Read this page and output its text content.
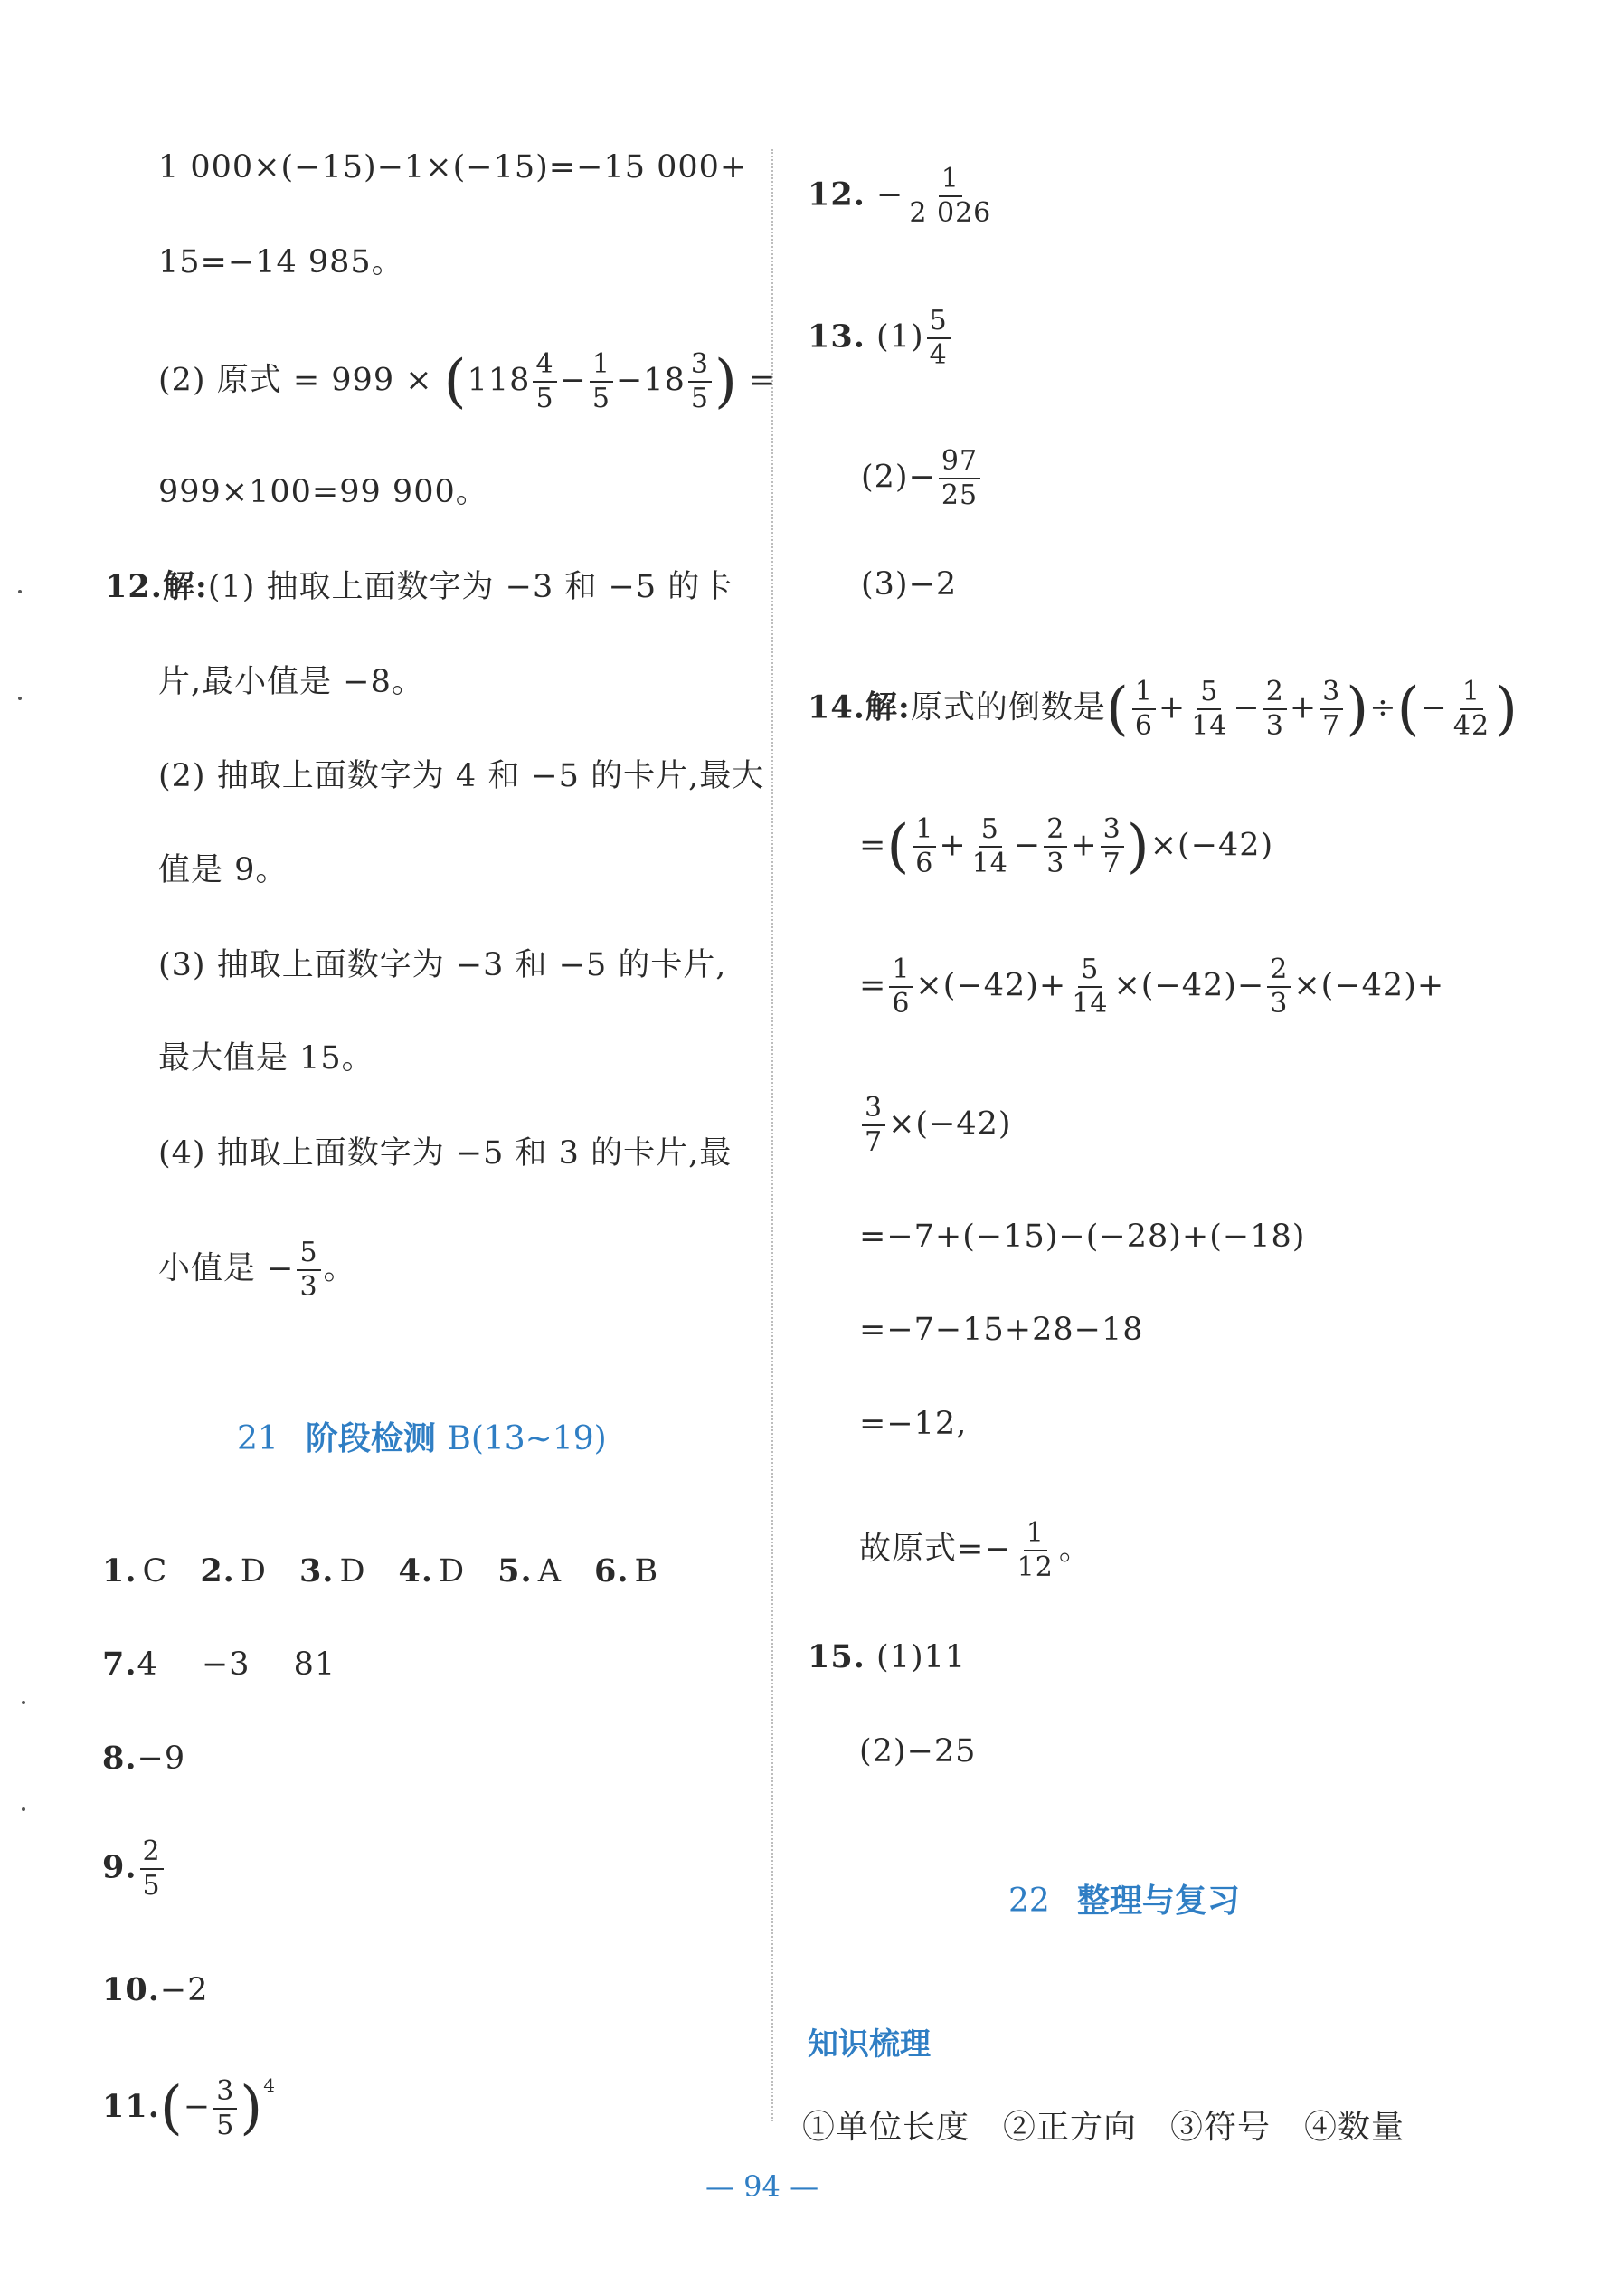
1 000×(−15)−1×(−15)=−15 000+
15=−14 985。
(2) 原式 = $999 \times (118 \frac{4}{5} - \frac{1}{5} -18 \frac{3}{5}$ ) =
999×100=99 900。
12.解:(1) 抽取上面数字为 −3 和 −5 的卡
片,最小值是 −8。
(2) 抽取上面数字为 4 和 −5 的卡片,最大
值是 9。
(3) 抽取上面数字为 −3 和 −5 的卡片,
最大值是 15。
(4) 抽取上面数字为 −5 和 3 的卡片,最
小值是 − $\frac{5}{3}$ 。
21 阶段检测 B(13∼19)
1. C 2. D 3. D 4. D 5. A 6. B
7.4　 −3　 81
8.−9
9. $\frac{2}{5}$
10.−2
$11.(- \frac{3}{5} )^4$
12. − $\frac{1}{2 026}$
13. $(1) \frac{5}{4}$
$(2)- \frac{97}{25}$
(3)−2
14.解:原式的倒数是( $\frac{1}{6} + \frac{5}{14} - \frac{2}{3} + \frac{3}{7}$ )÷(− $\frac{1}{42}$ )
=( $\frac{1}{6} + \frac{5}{14} - \frac{2}{3} + \frac{3}{7} )\times(-42)$
= $\frac{1}{6} \times(-42)+ \frac{5}{14} \times(-42)- \frac{2}{3} \times(-42)+$
$\frac{3}{7} \times(-42)$
=−7+(−15)−(−28)+(−18)
=−7−15+28−18
=−12,
故原式=− $\frac{1}{12}$ 。
15. (1)11
(2)−25
22 整理与复习
知识梳理
①单位长度　②正方向　③符号　④数量
— 94 —
